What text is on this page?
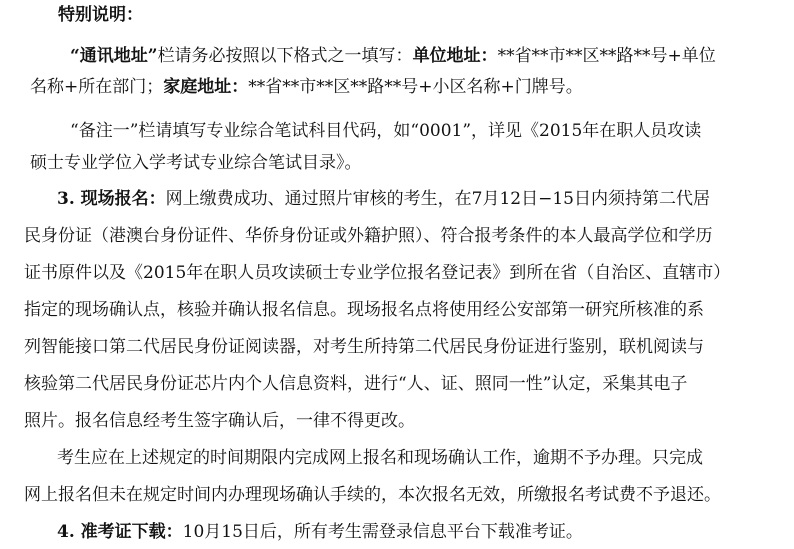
特别说明：
“通讯地址”栏请务必按照以下格式之一填写：单位地址：**省**市**区**路**号+单位
名称+所在部门；家庭地址：**省**市**区**路**号+小区名称+门牌号。
“备注一”栏请填写专业综合笔试科目代码，如“0001”，详见《2015年在职人员攻读
硕士专业学位入学考试专业综合笔试目录》。
3. 现场报名：网上缴费成功、通过照片审核的考生，在7月12日−15日内须持第二代居
民身份证（港澳台身份证件、华侨身份证或外籍护照）、符合报考条件的本人最高学位和学历
证书原件以及《2015年在职人员攻读硕士专业学位报名登记表》到所在省（自治区、直辖市）
指定的现场确认点，核验并确认报名信息。现场报名点将使用经公安部第一研究所核准的系
列智能接口第二代居民身份证阅读器，对考生所持第二代居民身份证进行鉴别，联机阅读与
核验第二代居民身份证芯片内个人信息资料，进行“人、证、照同一性”认定，采集其电子
照片。报名信息经考生签字确认后，一律不得更改。
考生应在上述规定的时间期限内完成网上报名和现场确认工作，逾期不予办理。只完成
网上报名但未在规定时间内办理现场确认手续的，本次报名无效，所缴报名考试费不予退还。
4. 准考证下载：10月15日后，所有考生需登录信息平台下载准考证。
